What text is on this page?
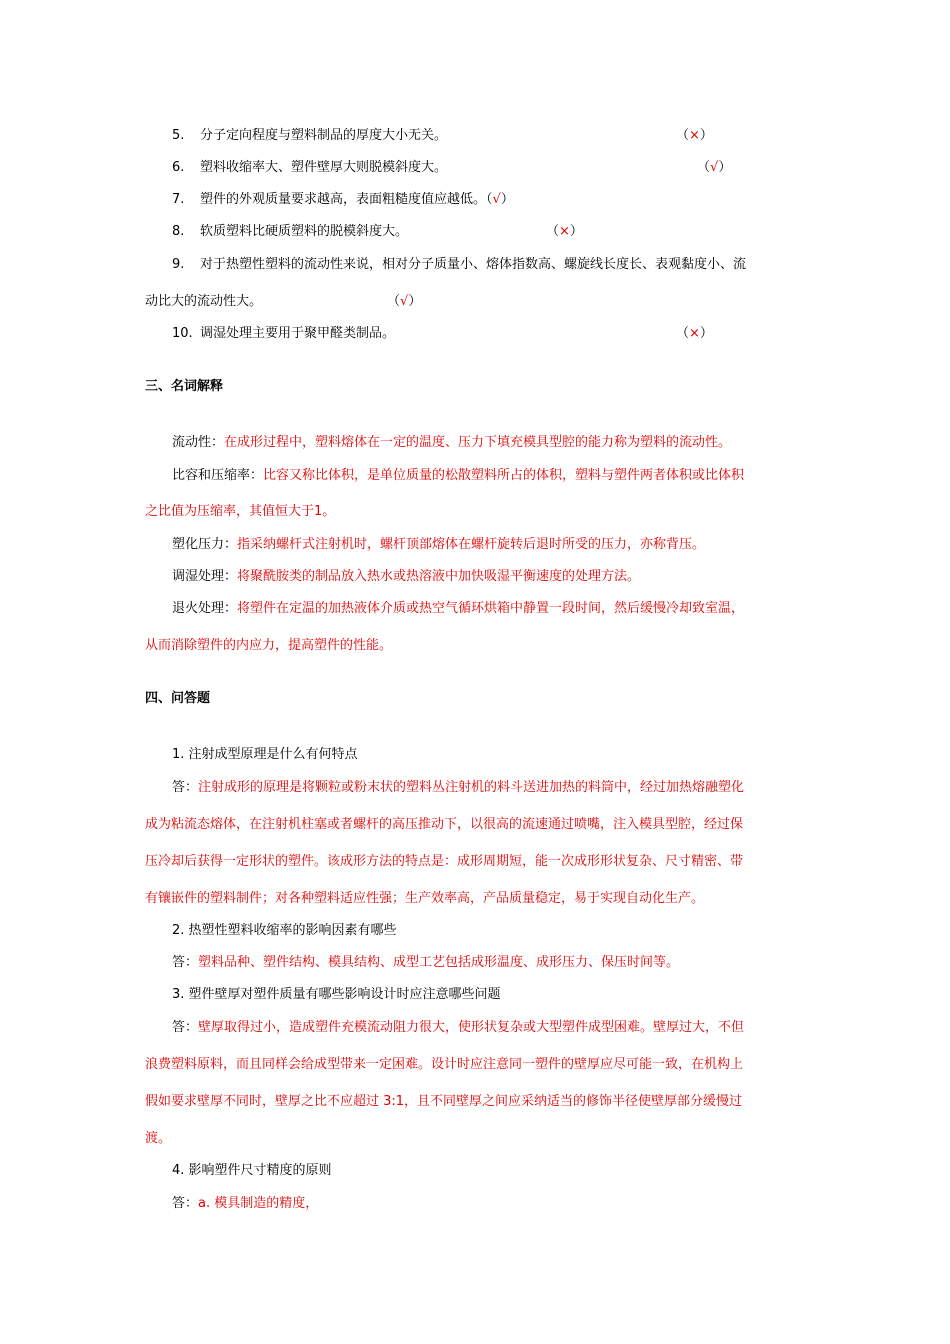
5. 分子定向程度与塑料制品的厚度大小无关。	（×）
6. 塑料收缩率大、塑件壁厚大则脱模斜度大。	（√）
7. 塑件的外观质量要求越高，表面粗糙度值应越低。（√）
8. 软质塑料比硬质塑料的脱模斜度大。	（×）
9. 对于热塑性塑料的流动性来说，相对分子质量小、熔体指数高、螺旋线长度长、表观黏度小、流
动比大的流动性大。	（√）
10. 调湿处理主要用于聚甲醛类制品。	（×）
三、名词解释
流动性：在成形过程中，塑料熔体在一定的温度、压力下填充模具型腔的能力称为塑料的流动性。
比容和压缩率：比容又称比体积，是单位质量的松散塑料所占的体积，塑料与塑件两者体积或比体积
之比值为压缩率，其值恒大于1。
塑化压力：指采纳螺杆式注射机时，螺杆顶部熔体在螺杆旋转后退时所受的压力，亦称背压。
调湿处理：将聚酰胺类的制品放入热水或热溶液中加快吸湿平衡速度的处理方法。
退火处理：将塑件在定温的加热液体介质或热空气循环烘箱中静置一段时间，然后缓慢冷却致室温，
从而消除塑件的内应力，提高塑件的性能。
四、问答题
1. 注射成型原理是什么有何特点
答：注射成形的原理是将颗粒或粉末状的塑料丛注射机的料斗送进加热的料筒中，经过加热熔融塑化
成为粘流态熔体，在注射机柱塞或者螺杆的高压推动下，以很高的流速通过喷嘴，注入模具型腔，经过保
压冷却后获得一定形状的塑件。该成形方法的特点是：成形周期短，能一次成形形状复杂、尺寸精密、带
有镶嵌件的塑料制件；对各种塑料适应性强；生产效率高，产品质量稳定，易于实现自动化生产。
2. 热塑性塑料收缩率的影响因素有哪些
答：塑料品种、塑件结构、模具结构、成型工艺包括成形温度、成形压力、保压时间等。
3. 塑件壁厚对塑件质量有哪些影响设计时应注意哪些问题
答：壁厚取得过小，造成塑件充模流动阻力很大，使形状复杂或大型塑件成型困难。壁厚过大，不但
浪费塑料原料，而且同样会给成型带来一定困难。设计时应注意同一塑件的壁厚应尽可能一致，在机构上
假如要求壁厚不同时，壁厚之比不应超过 3:1，且不同壁厚之间应采纳适当的修饰半径使壁厚部分缓慢过
渡。
4. 影响塑件尺寸精度的原则
答：a. 模具制造的精度，
